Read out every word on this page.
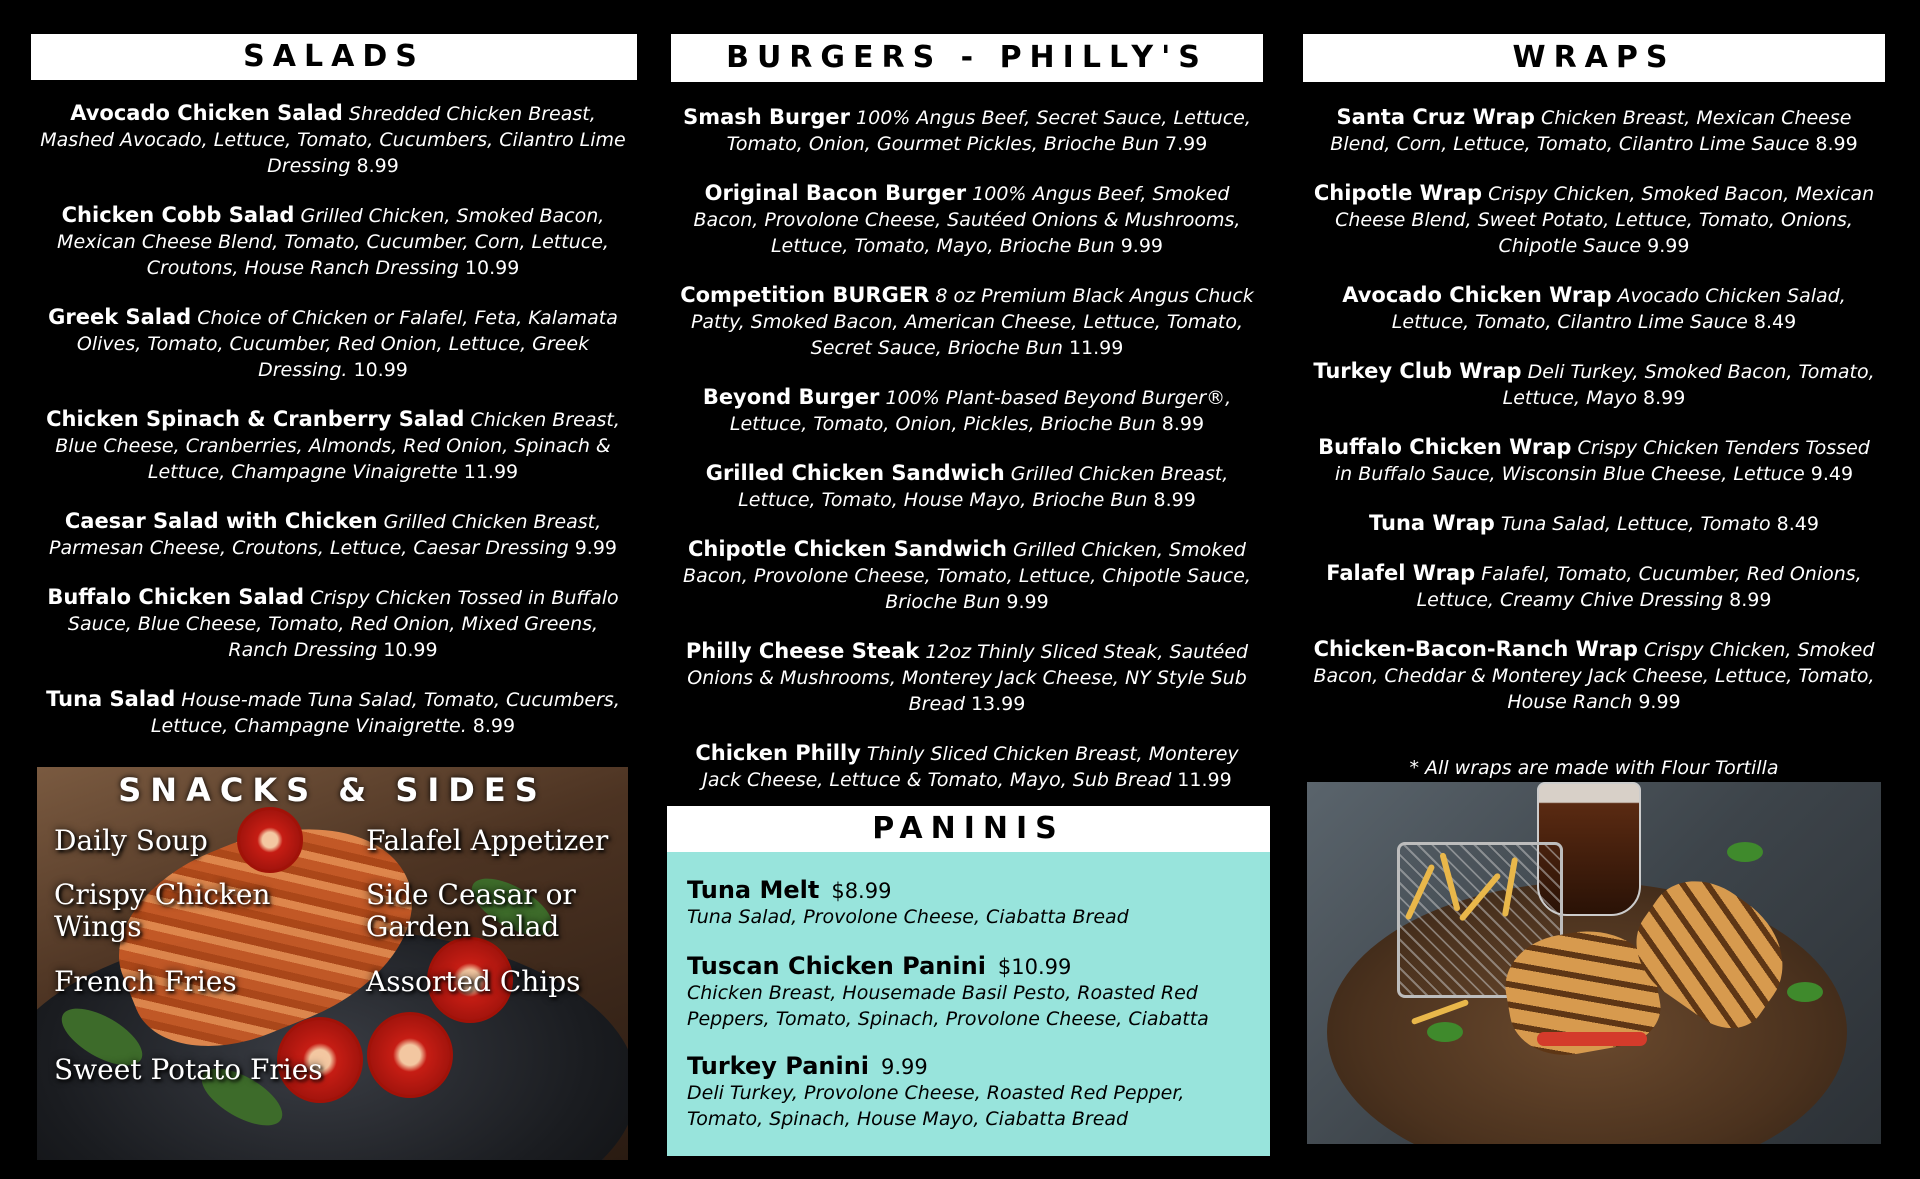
SALADS
Avocado Chicken Salad Shredded Chicken Breast, Mashed Avocado, Lettuce, Tomato, Cucumbers, Cilantro Lime Dressing 8.99
Chicken Cobb Salad Grilled Chicken, Smoked Bacon, Mexican Cheese Blend, Tomato, Cucumber, Corn, Lettuce, Croutons, House Ranch Dressing 10.99
Greek Salad Choice of Chicken or Falafel, Feta, Kalamata Olives, Tomato, Cucumber, Red Onion, Lettuce, Greek Dressing. 10.99
Chicken Spinach & Cranberry Salad Chicken Breast, Blue Cheese, Cranberries, Almonds, Red Onion, Spinach & Lettuce, Champagne Vinaigrette 11.99
Caesar Salad with Chicken Grilled Chicken Breast, Parmesan Cheese, Croutons, Lettuce, Caesar Dressing 9.99
Buffalo Chicken Salad Crispy Chicken Tossed in Buffalo Sauce, Blue Cheese, Tomato, Red Onion, Mixed Greens, Ranch Dressing 10.99
Tuna Salad House-made Tuna Salad, Tomato, Cucumbers, Lettuce, Champagne Vinaigrette. 8.99
BURGERS - PHILLY'S
Smash Burger 100% Angus Beef, Secret Sauce, Lettuce, Tomato, Onion, Gourmet Pickles, Brioche Bun 7.99
Original Bacon Burger 100% Angus Beef, Smoked Bacon, Provolone Cheese, Sautéed Onions & Mushrooms, Lettuce, Tomato, Mayo, Brioche Bun 9.99
Competition BURGER 8 oz Premium Black Angus Chuck Patty, Smoked Bacon, American Cheese, Lettuce, Tomato, Secret Sauce, Brioche Bun 11.99
Beyond Burger 100% Plant-based Beyond Burger®, Lettuce, Tomato, Onion, Pickles, Brioche Bun 8.99
Grilled Chicken Sandwich Grilled Chicken Breast, Lettuce, Tomato, House Mayo, Brioche Bun 8.99
Chipotle Chicken Sandwich Grilled Chicken, Smoked Bacon, Provolone Cheese, Tomato, Lettuce, Chipotle Sauce, Brioche Bun 9.99
Philly Cheese Steak 12oz Thinly Sliced Steak, Sautéed Onions & Mushrooms, Monterey Jack Cheese, NY Style Sub Bread 13.99
Chicken Philly Thinly Sliced Chicken Breast, Monterey Jack Cheese, Lettuce & Tomato, Mayo, Sub Bread 11.99
WRAPS
Santa Cruz Wrap Chicken Breast, Mexican Cheese Blend, Corn, Lettuce, Tomato, Cilantro Lime Sauce 8.99
Chipotle Wrap Crispy Chicken, Smoked Bacon, Mexican Cheese Blend, Sweet Potato, Lettuce, Tomato, Onions, Chipotle Sauce 9.99
Avocado Chicken Wrap Avocado Chicken Salad, Lettuce, Tomato, Cilantro Lime Sauce 8.49
Turkey Club Wrap Deli Turkey, Smoked Bacon, Tomato, Lettuce, Mayo 8.99
Buffalo Chicken Wrap Crispy Chicken Tenders Tossed in Buffalo Sauce, Wisconsin Blue Cheese, Lettuce 9.49
Tuna Wrap Tuna Salad, Lettuce, Tomato 8.49
Falafel Wrap Falafel, Tomato, Cucumber, Red Onions, Lettuce, Creamy Chive Dressing 8.99
Chicken-Bacon-Ranch Wrap Crispy Chicken, Smoked Bacon, Cheddar & Monterey Jack Cheese, Lettuce, Tomato, House Ranch 9.99
* All wraps are made with Flour Tortilla
SNACKS & SIDES
Daily Soup	Falafel Appetizer
Crispy Chicken Wings
Side Ceasar or Garden Salad
French Fries	Assorted Chips
Sweet Potato Fries
PANINIS
Tuna Melt $8.99
Tuna Salad, Provolone Cheese, Ciabatta Bread
Tuscan Chicken Panini $10.99
Chicken Breast, Housemade Basil Pesto, Roasted Red Peppers, Tomato, Spinach, Provolone Cheese, Ciabatta
Turkey Panini 9.99
Deli Turkey, Provolone Cheese, Roasted Red Pepper, Tomato, Spinach, House Mayo, Ciabatta Bread
